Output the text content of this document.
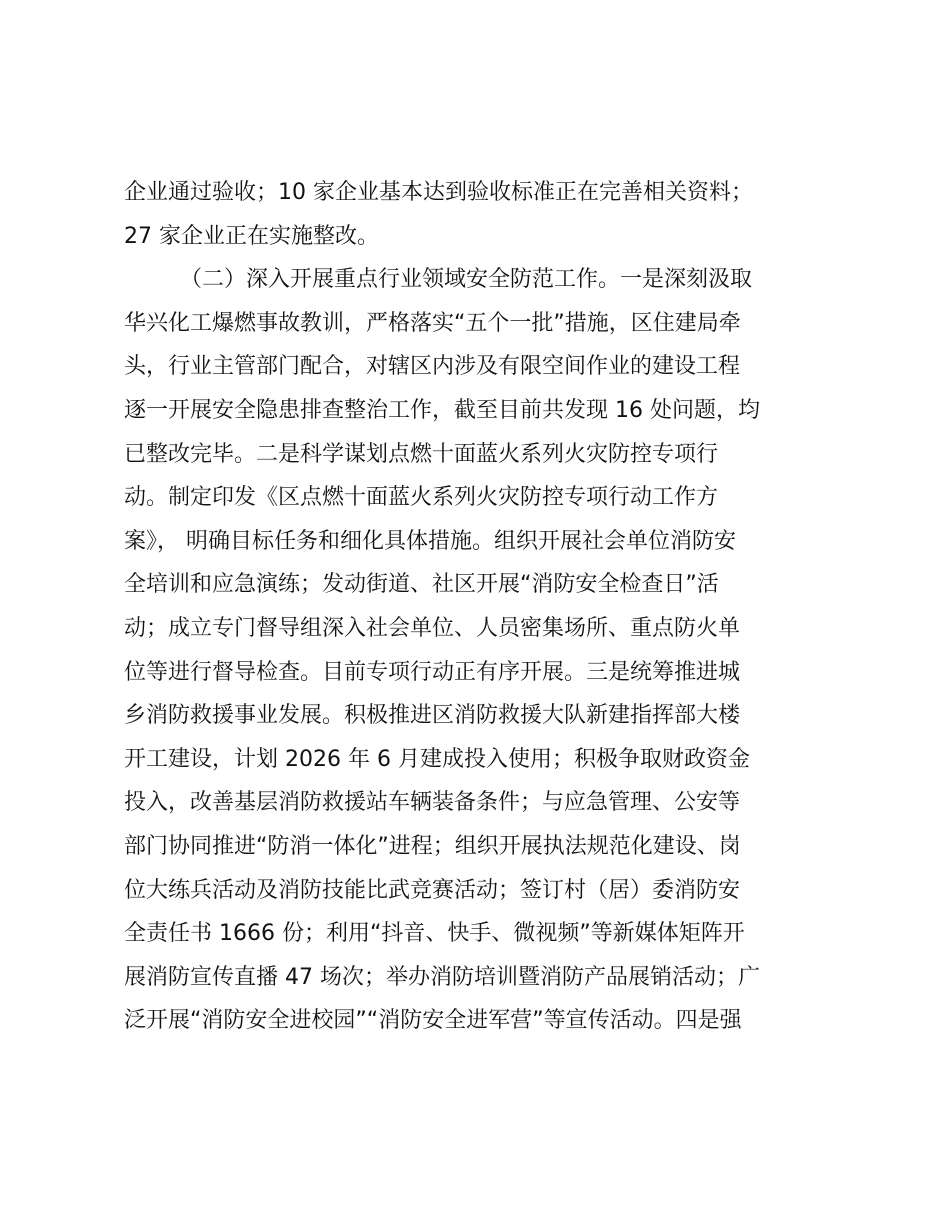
企业通过验收；10 家企业基本达到验收标准正在完善相关资料；
27 家企业正在实施整改。
（二）深入开展重点行业领域安全防范工作。一是深刻汲取
华兴化工爆燃事故教训，严格落实“五个一批”措施，区住建局牵
头，行业主管部门配合，对辖区内涉及有限空间作业的建设工程
逐一开展安全隐患排查整治工作，截至目前共发现 16 处问题，均
已整改完毕。二是科学谋划点燃十面蓝火系列火灾防控专项行
动。制定印发《区点燃十面蓝火系列火灾防控专项行动工作方
案》， 明确目标任务和细化具体措施。组织开展社会单位消防安
全培训和应急演练；发动街道、社区开展“消防安全检查日”活
动；成立专门督导组深入社会单位、人员密集场所、重点防火单
位等进行督导检查。目前专项行动正有序开展。三是统筹推进城
乡消防救援事业发展。积极推进区消防救援大队新建指挥部大楼
开工建设，计划 2026 年 6 月建成投入使用；积极争取财政资金
投入，改善基层消防救援站车辆装备条件；与应急管理、公安等
部门协同推进“防消一体化”进程；组织开展执法规范化建设、岗
位大练兵活动及消防技能比武竞赛活动；签订村（居）委消防安
全责任书 1666 份；利用“抖音、快手、微视频”等新媒体矩阵开
展消防宣传直播 47 场次；举办消防培训暨消防产品展销活动；广
泛开展“消防安全进校园”“消防安全进军营”等宣传活动。四是强
